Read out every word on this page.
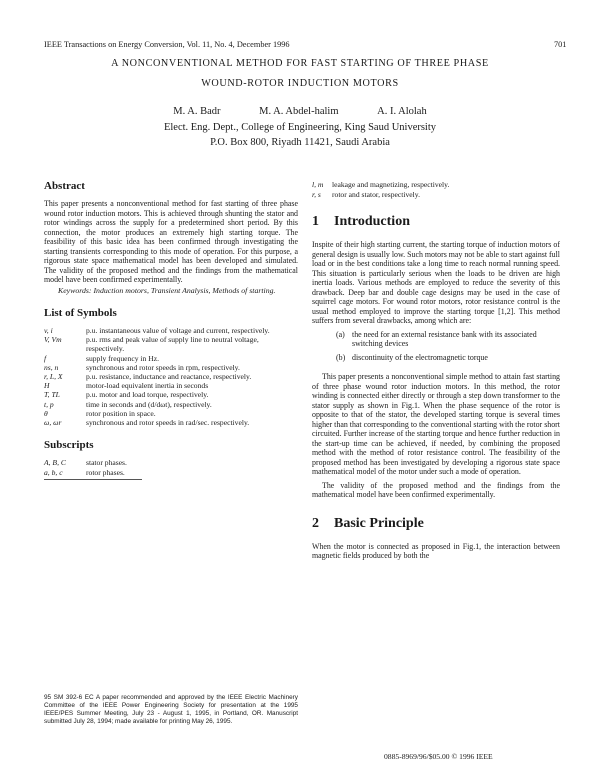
IEEE Transactions on Energy Conversion, Vol. 11, No. 4, December 1996	701
A NONCONVENTIONAL METHOD FOR FAST STARTING OF THREE PHASE
WOUND-ROTOR INDUCTION MOTORS
M. A. Badr	M. A. Abdel-halim	A. I. Alolah
Elect. Eng. Dept., College of Engineering, King Saud University
P.O. Box 800, Riyadh 11421, Saudi Arabia
Abstract

This paper presents a nonconventional method for fast starting of three phase wound rotor induction motors. This is achieved through shunting the stator and rotor windings across the supply for a predetermined short period. By this connection, the motor produces an extremely high starting torque. The feasibility of this basic idea has been confirmed through investigating the starting transients corresponding to this mode of operation. For this purpose, a rigorous state space mathematical model has been developed and simulated. The validity of the proposed method and the findings from the mathematical model have been confirmed experimentally.

Keywords: Induction motors, Transient Analysis, Methods of starting.
List of Symbols
v, i	p.u. instantaneous value of voltage and current, respectively.
V, Vm	p.u. rms and peak value of supply line to neutral voltage, respectively.
f	supply frequency in Hz.
ns, n	synchronous and rotor speeds in rpm, respectively.
r, L, X	p.u. resistance, inductance and reactance, respectively.
H	motor-load equivalent inertia in seconds
T, TL	p.u. motor and load torque, respectively.
t, p	time in seconds and (d/dωt), respectively.
θ	rotor position in space.
ω, ωr	synchronous and rotor speeds in rad/sec. respectively.
Subscripts
A, B, C	stator phases.
a, b, c	rotor phases.
95 SM 392-6 EC A paper recommended and approved by the IEEE Electric Machinery Committee of the IEEE Power Engineering Society for presentation at the 1995 IEEE/PES Summer Meeting, July 23 - August 1, 1995, in Portland, OR. Manuscript submitted July 28, 1994; made available for printing May 26, 1995.
l, m	leakage and magnetizing, respectively.
r, s	rotor and stator, respectively.
1	Introduction

Inspite of their high starting current, the starting torque of induction motors of general design is usually low. Such motors may not be able to start against full load or in the best conditions take a long time to reach normal running speed. This situation is particularly serious when the loads to be driven are high inertia loads. Various methods are employed to reduce the severity of this drawback. Deep bar and double cage designs may be used in the case of squirrel cage motors. For wound rotor motors, rotor resistance control is the usual method employed to improve the starting torque [1,2]. This method suffers from several drawbacks, among which are:

(a) the need for an external resistance bank with its associated switching devices
(b) discontinuity of the electromagnetic torque

This paper presents a nonconventional simple method to attain fast starting of three phase wound rotor induction motors. In this method, the rotor winding is connected either directly or through a step down transformer to the stator supply as shown in Fig.1. When the phase sequence of the rotor is opposite to that of the stator, the developed starting torque is several times higher than that corresponding to the conventional starting with the rotor short circuited. Further increase of the starting torque and hence further reduction in the start-up time can be achieved, if needed, by combining the proposed method with the method of rotor resistance control. The feasibility of the proposed method has been investigated by developing a rigorous state space mathematical model of the motor under such a mode of operation.

The validity of the proposed method and the findings from the mathematical model have been confirmed experimentally.

2	Basic Principle

When the motor is connected as proposed in Fig.1, the interaction between magnetic fields produced by both the

0885-8969/96/$05.00 © 1996 IEEE
